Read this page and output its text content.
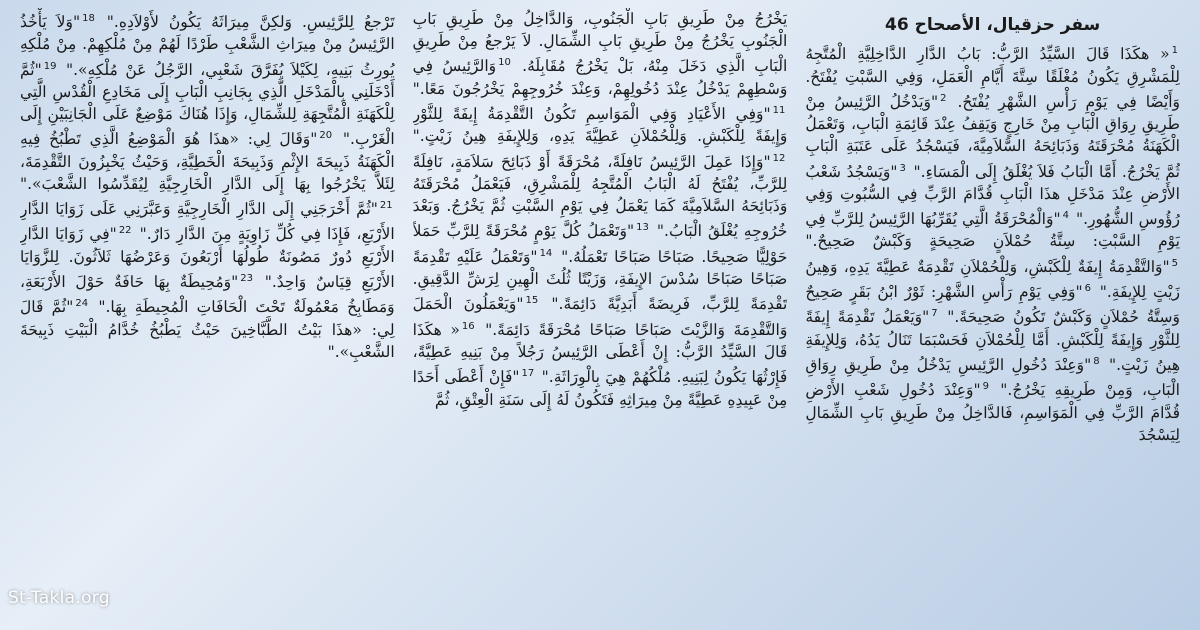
سفر حزقيال، الأصحاح 46
$^1$« هكَذَا قَالَ السَّيِّدُ الرَّبُّ: بَابُ الدَّارِ الدَّاخِلِيَّةِ الْمُتَّجِهُ لِلْمَشْرِقِ يَكُونُ مُغْلَقًا سِتَّةَ أَيَّامِ الْعَمَلِ، وَفِي السَّبْتِ يُفْتَحُ. وَأَيْضًا فِي يَوْمِ رَأْسِ الشَّهْرِ يُفْتَحُ. $^2$"وَيَدْخُلُ الرَّئِيسُ مِنْ طَرِيقِ رِوَاقِ الْبَابِ مِنْ خَارِجٍ وَيَقِفُ عِنْدَ قَائِمَةِ الْبَابِ، وَتَعْمَلُ الْكَهَنَةُ مُحْرَقَتَهُ وَذَبَائِحَهُ السَّلاَمِيَّةَ، فَيَسْجُدُ عَلَى عَتَبَةِ الْبَابِ ثُمَّ يَخْرُجُ. أَمَّا الْبَابُ فَلاَ يُغْلَقُ إِلَى الْمَسَاءِ." $^3$"وَيَسْجُدُ شَعْبُ الأَرْضِ عِنْدَ مَدْخَلِ هذَا الْبَابِ قُدَّامَ الرَّبِّ فِي السُّبُوتِ وَفِي رُؤُوسِ الشُّهُورِ." $^4$"وَالْمُحْرَقَةُ الَّتِي يُقَرِّبُهَا الرَّئِيسُ لِلرَّبِّ فِي يَوْمِ السَّبْتِ: سِتَّةُ حُمْلاَنٍ صَحِيحَةٍ وَكَبْشٌ صَحِيحٌ." $^5$"وَالتَّقْدِمَةُ إِيفَةٌ لِلْكَبْشِ، وَلِلْحُمْلاَنِ تَقْدِمَةٌ عَطِيَّةَ يَدِهِ، وَهِينُ زَيْتٍ لِلإِيفَةِ." $^6$"وَفِي يَوْمِ رَأْسِ الشَّهْرِ: ثَوْرٌ ابْنُ بَقَرٍ صَحِيحٌ وَسِتَّةُ حُمْلاَنٍ وَكَبْشٌ تَكُونُ صَحِيحَةً." $^7$"وَيَعْمَلُ تَقْدِمَةً إِيفَةً لِلثَّوْرِ وَإِيفَةً لِلْكَبْشِ. أَمَّا لِلْحُمْلاَنِ فَحَسْبَمَا تَنَالُ يَدُهُ، وَلِلإِيفَةِ هِينُ زَيْتٍ." $^8$"وَعِنْدَ دُخُولِ الرَّئِيسِ يَدْخُلُ مِنْ طَرِيقِ رِوَاقِ الْبَابِ، وَمِنْ طَرِيقِهِ يَخْرُجُ." $^9$"وَعِنْدَ دُخُولِ شَعْبِ الأَرْضِ قُدَّامَ الرَّبِّ فِي الْمَوَاسِمِ، فَالدَّاخِلُ مِنْ طَرِيقِ بَابِ الشِّمَالِ لِيَسْجُدَ
يَخْرُجُ مِنْ طَرِيقِ بَابِ الْجَنُوبِ، وَالدَّاخِلُ مِنْ طَرِيقِ بَابِ الْجَنُوبِ يَخْرُجُ مِنْ طَرِيقِ بَابِ الشِّمَالِ. لاَ يَرْجعُ مِنْ طَرِيقِ الْبَابِ الَّذِي دَخَلَ مِنْهُ، بَلْ يَخْرُجُ مُقَابِلَهُ. $^{10}$وَالرَّئِيسُ فِي وَسْطِهِمْ يَدْخُلُ عِنْدَ دُخُولِهِمْ، وَعِنْدَ خُرُوجِهِمْ يَخْرُجُونَ مَعًا." $^{11}$"وَفِي الأَعْيَادِ وَفِي الْمَوَاسِمِ تَكُونُ التَّقْدِمَةُ إِيفَةً لِلثَّوْرِ وَإِيفَةً لِلْكَبْشِ. وَلِلْحُمْلاَنِ عَطِيَّةَ يَدِهِ، وَلِلإِيفَةِ هِينُ زَيْتٍ." $^{12}$"وَإِذَا عَمِلَ الرَّئِيسُ نَافِلَةً، مُحْرَقَةً أَوْ ذَبَائِحَ سَلاَمَةٍ، نَافِلَةً لِلرَّبِّ، يُفْتَحُ لَهُ الْبَابُ الْمُتَّجِهُ لِلْمَشْرِقِ، فَيَعْمَلُ مُحْرَقَتَهُ وَذَبَائِحَهُ السَّلاَمِيَّةَ كَمَا يَعْمَلُ فِي يَوْمِ السَّبْتِ ثُمَّ يَخْرُجُ. وَبَعْدَ خُرُوجِهِ يُغْلَقُ الْبَابُ." $^{13}$"وَتَعْمَلُ كُلَّ يَوْمٍ مُحْرَقَةً لِلرَّبِّ حَمَلاً حَوْلِيًّا صَحِيحًا. صَبَاحًا صَبَاحًا تَعْمَلُهُ." $^{14}$"وَتَعْمَلُ عَلَيْهِ تَقْدِمَةً صَبَاحًا صَبَاحًا سُدْسَ الإِيفَةِ، وَزَيْتًا ثُلُثَ الْهِينِ لِرَشِّ الدَّقِيقِ. تَقْدِمَةً لِلرَّبِّ، فَرِيضَةً أَبَدِيَّةً دَائِمَةً." $^{15}$"وَيَعْمَلُونَ الْحَمَلَ وَالتَّقْدِمَةَ وَالزَّيْتَ صَبَاحًا صَبَاحًا مُحْرَقَةً دَائِمَةً." $^{16}$« هكَذَا قَالَ السَّيِّدُ الرَّبُّ: إِنْ أَعْطَى الرَّئِيسُ رَجُلاً مِنْ بَنِيهِ عَطِيَّةً، فَإِرْثُهَا يَكُونُ لِبَنِيهِ. مُلْكُهُمْ هِيَ بِالْوِرَاثَةِ." $^{17}$"فَإِنْ أَعْطَى أَحَدًا مِنْ عَبِيدِهِ عَطِيَّةً مِنْ مِيرَاثِهِ فَتَكُونُ لَهُ إِلَى سَنَةِ الْعِتْقِ، ثُمَّ
تَرْجعُ لِلرَّئِيسِ. وَلكِنَّ مِيرَاثَهُ يَكُونُ لأَوْلاَدِهِ." $^{18}$"وَلاَ يَأْخُذُ الرَّئِيسُ مِنْ مِيرَاثِ الشَّعْبِ طَرْدًا لَهُمْ مِنْ مُلْكِهِمْ. مِنْ مُلْكِهِ يُورِثُ بَنِيهِ، لِكَيْلاَ يُفَرَّقَ شَعْبِي، الرَّجُلُ عَنْ مُلْكِهِ»." $^{19}$"ثُمَّ أَدْخَلَنِي بِالْمَدْخَلِ الَّذِي بِجَانِبِ الْبَابِ إِلَى مَخَادِعِ الْقُدْسِ الَّتِي لِلْكَهَنَةِ الْمُتَّجِهَةِ لِلشِّمَالِ، وَإِذَا هُنَاكَ مَوْضِعٌ عَلَى الْجَانِبَيْنِ إِلَى الْغَرْبِ." $^{20}$"وَقَالَ لِي: «هذَا هُوَ الْمَوْضِعُ الَّذِي تَطْبُخُ فِيهِ الْكَهَنَةُ ذَبِيحَةَ الإِثْمِ وَذَبِيحَةَ الْخَطِيَّةِ، وَحَيْثُ يَخْبِزُونَ التَّقْدِمَةَ، لِئَلاَّ يَخْرُجُوا بِهَا إِلَى الدَّارِ الْخَارِجِيَّةِ لِيُقَدِّسُوا الشَّعْبَ»." $^{21}$"ثُمَّ أَخْرَجَنِي إِلَى الدَّارِ الْخَارِجِيَّةِ وَعَبَّرَنِي عَلَى زَوَايَا الدَّارِ الأَرْبَعِ، فَإِذَا فِي كُلِّ زَاوِيَةٍ مِنَ الدَّارِ دَارٌ." $^{22}$"فِي زَوَايَا الدَّارِ الأَرْبَعِ دُورٌ مَصُونَةٌ طُولُهَا أَرْبَعُونَ وَعَرْضُهَا ثَلاَثُونَ. لِلزَّوَايَا الأَرْبَعِ قِيَاسٌ وَاحِدٌ." $^{23}$"وَمُحِيطَةٌ بِهَا حَافَةٌ حَوْلَ الأَرْبَعَةِ، وَمَطَابِخُ مَعْمُولَةٌ تَحْتَ الْحَافَاتِ الْمُحِيطَةِ بِهَا." $^{24}$"ثُمَّ قَالَ لِي: «هذَا بَيْتُ الطَّبَّاخِينَ حَيْثُ يَطْبُخُ خُدَّامُ الْبَيْتِ ذَبِيحَةَ الشَّعْبِ»."
St-Takla.org
